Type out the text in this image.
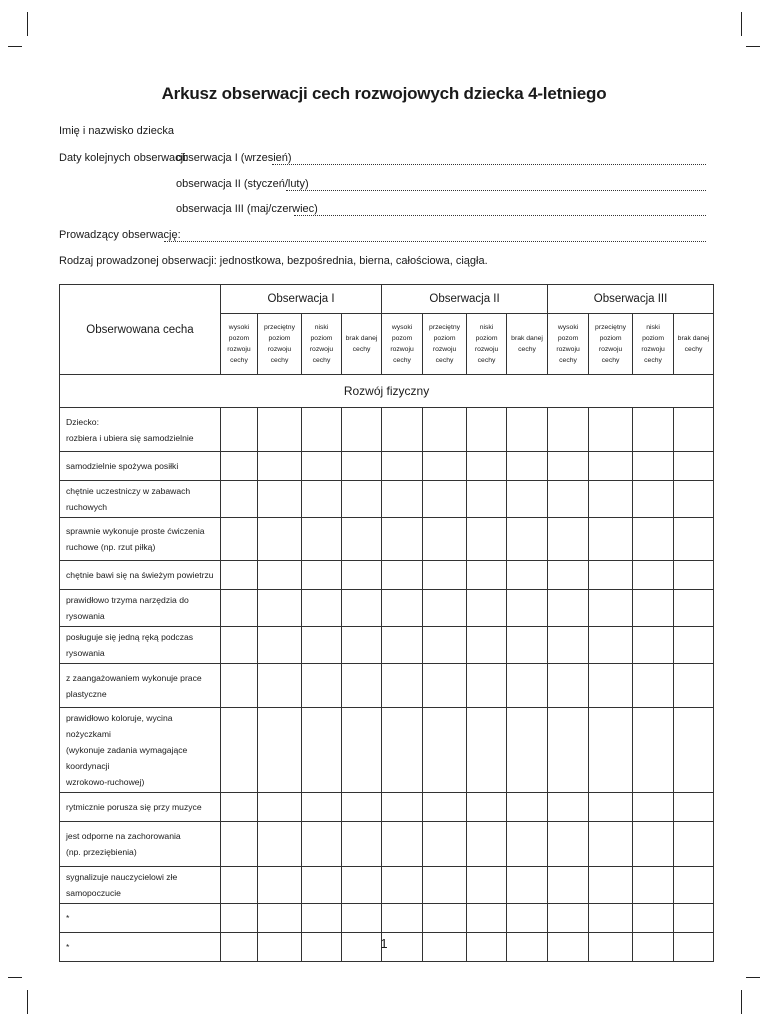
Arkusz obserwacji cech rozwojowych dziecka 4-letniego
Imię i nazwisko dziecka
Daty kolejnych obserwacji:
obserwacja I (wrzesień)
obserwacja II (styczeń/luty)
obserwacja III (maj/czerwiec)
Prowadzący obserwację:
Rodzaj prowadzonej obserwacji: jednostkowa, bezpośrednia, bierna, całościowa, ciągła.
Obserwowana cecha	Obserwacja I				Obserwacja II				Obserwacja III			

	wysoki
pozom
rozwoju
cechy	przeciętny
poziom
rozwoju cechy	niski
poziom
rozwoju
cechy	brak danej
cechy	wysoki
pozom
rozwoju
cechy	przeciętny
poziom
rozwoju cechy	niski
poziom
rozwoju
cechy	brak danej
cechy	wysoki
pozom
rozwoju
cechy	przeciętny
poziom
rozwoju cechy	niski
poziom
rozwoju
cechy	brak danej
cechy

Rozwój fizyczny												

Dziecko:
rozbiera i ubiera się samodzielnie												

samodzielnie spożywa posiłki												

chętnie uczestniczy w zabawach ruchowych												

sprawnie wykonuje proste ćwiczenia
ruchowe (np. rzut piłką)												

chętnie bawi się na świeżym powietrzu												

prawidłowo trzyma narzędzia do rysowania												

posługuje się jedną ręką podczas rysowania												

z zaangażowaniem wykonuje prace
plastyczne												

prawidłowo koloruje, wycina nożyczkami
(wykonuje zadania wymagające koordynacji
wzrokowo-ruchowej)												

rytmicznie porusza się przy muzyce												

jest odporne na zachorowania
(np. przeziębienia)												

sygnalizuje nauczycielowi złe samopoczucie												

*												

*												
													1
